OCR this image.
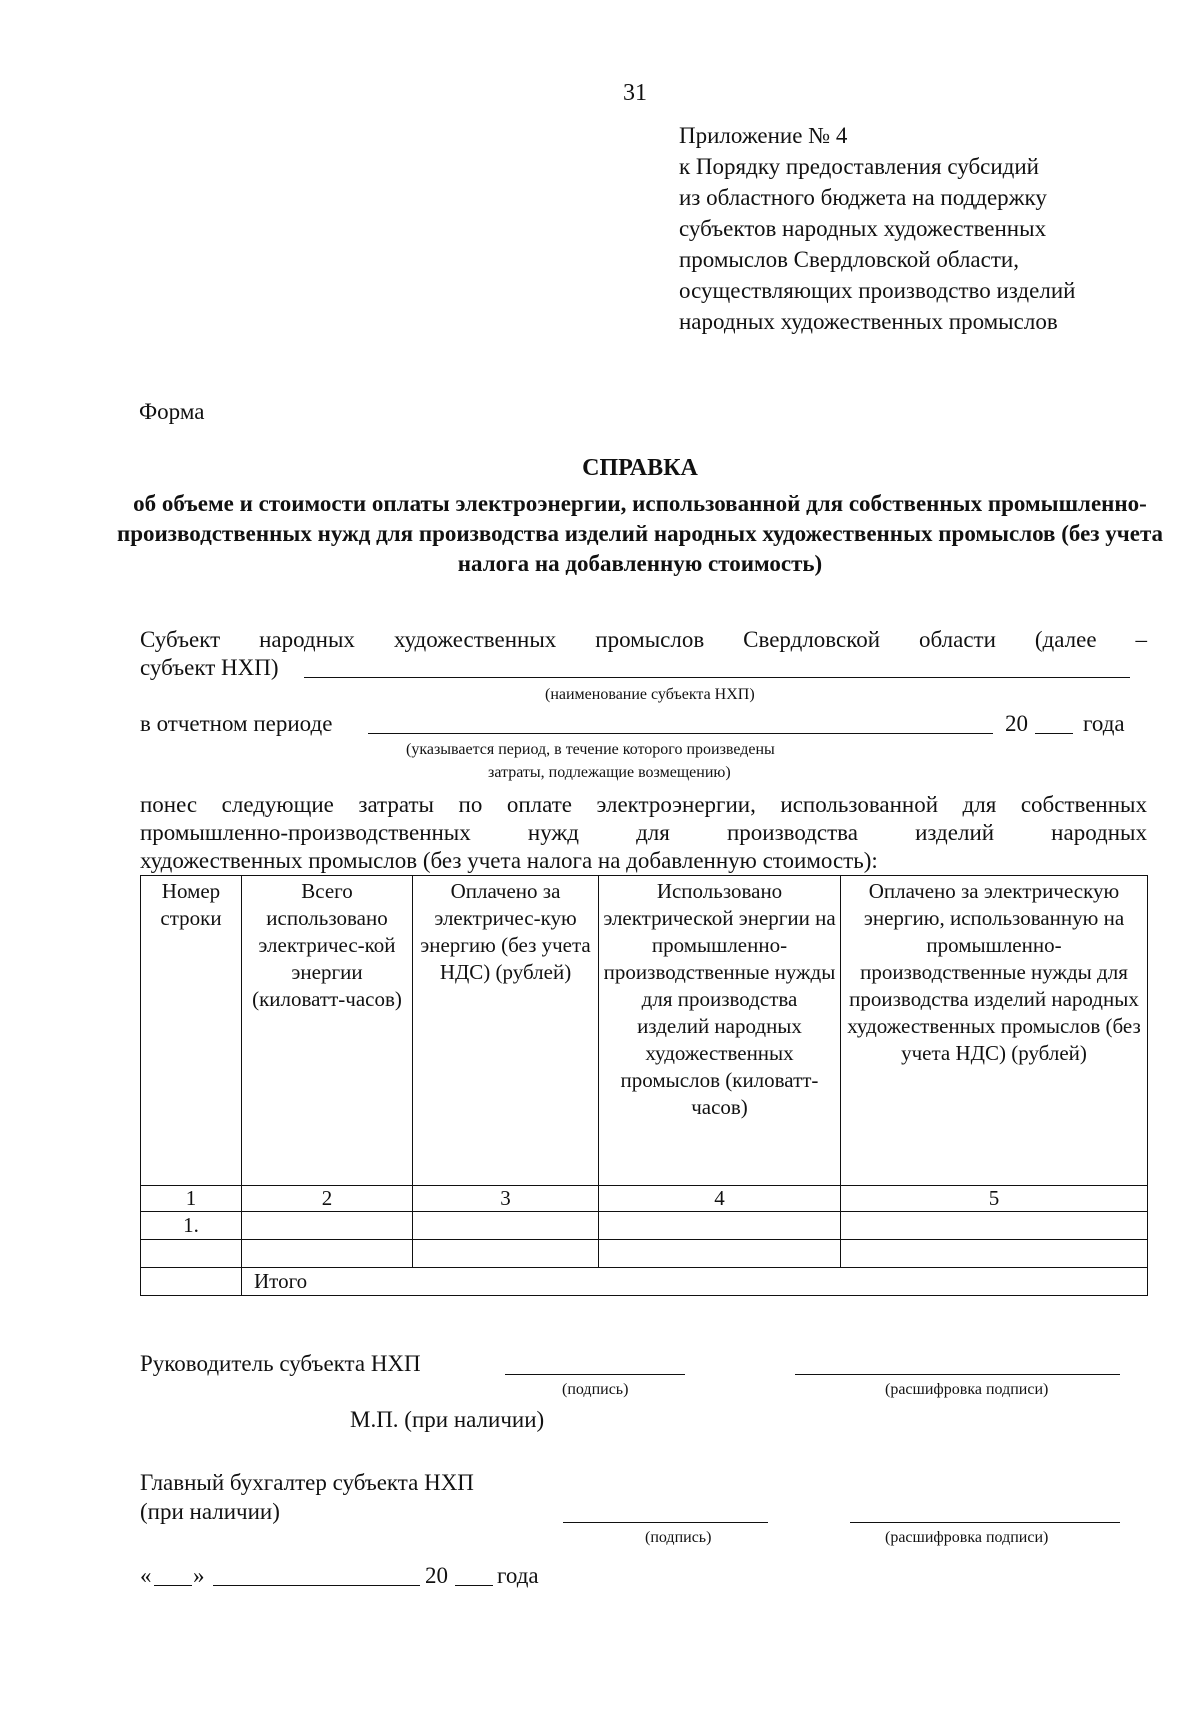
31
Приложение № 4
к Порядку предоставления субсидий
из областного бюджета на поддержку
субъектов народных художественных
промыслов Свердловской области,
осуществляющих производство изделий
народных художественных промыслов
Форма
СПРАВКА
об объеме и стоимости оплаты электроэнергии, использованной для собственных промышленно-производственных нужд для производства изделий народных художественных промыслов (без учета налога на добавленную стоимость)
Субъект народных художественных промыслов Свердловской области (далее –
субъект НХП)
(наименование субъекта НХП)
в отчетном периоде	20 года
(указывается период, в течение которого произведены
затраты, подлежащие возмещению)
понес следующие затраты по оплате электроэнергии, использованной для собственных
промышленно-производственных нужд для производства изделий народных
художественных промыслов (без учета налога на добавленную стоимость):
Номер строки	Всего использовано электричес-кой энергии (киловатт-часов)	Оплачено за электричес-кую энергию (без учета НДС) (рублей)	Использовано электрической энергии на промышленно-производственные нужды для производства изделий народных художественных промыслов (киловатт-часов)	Оплачено за электрическую энергию, использованную на промышленно-производственные нужды для производства изделий народных художественных промыслов (без учета НДС) (рублей)
1	2	3	4	5
1.				

	Итого			
Руководитель субъекта НХП
(подпись)	(расшифровка подписи)
М.П. (при наличии)
Главный бухгалтер субъекта НХП
(при наличии)
(подпись)	(расшифровка подписи)
« »	20 года
